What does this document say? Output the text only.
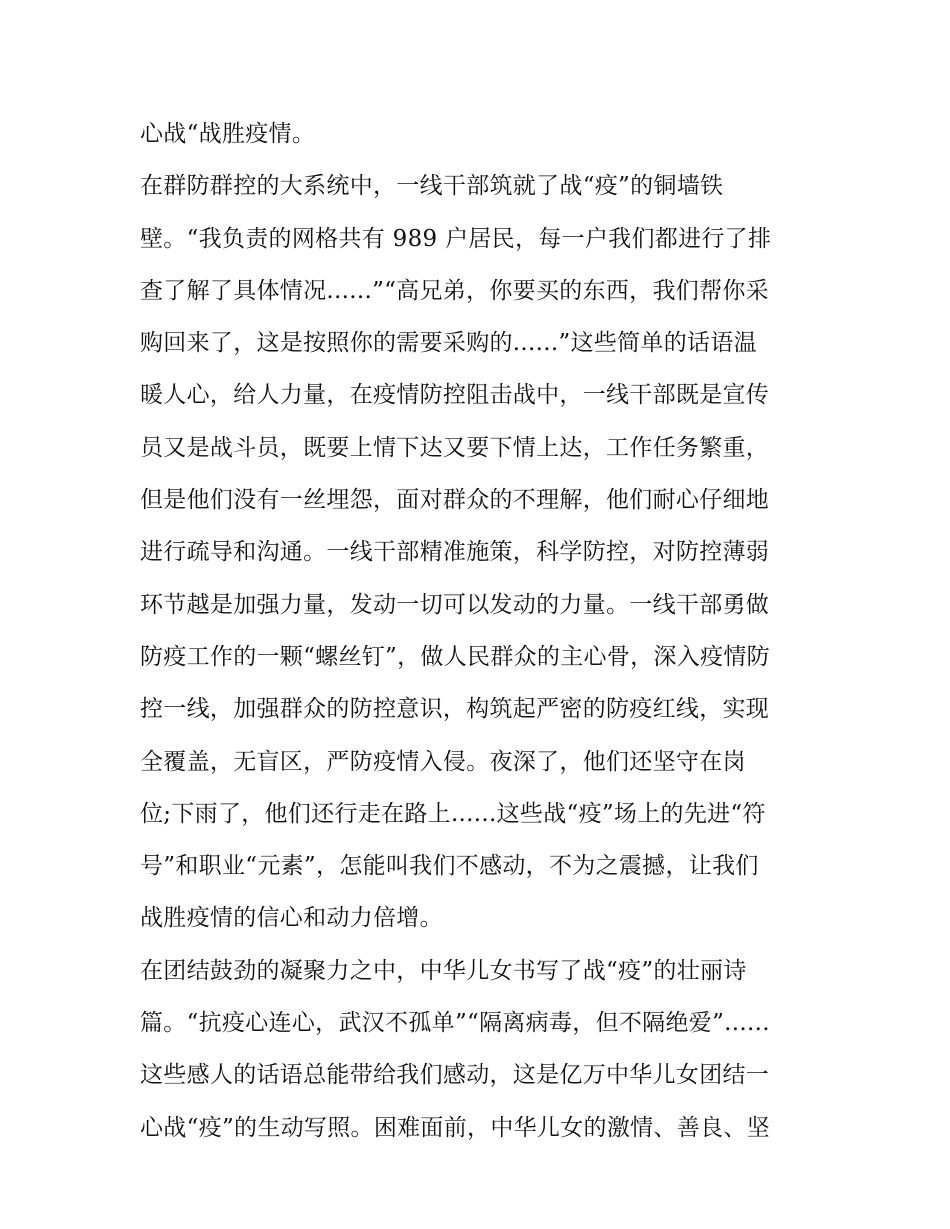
心战“战胜疫情。
在群防群控的大系统中，一线干部筑就了战“疫”的铜墙铁
壁。“我负责的网格共有 989 户居民，每一户我们都进行了排
查了解了具体情况......”“高兄弟，你要买的东西，我们帮你采
购回来了，这是按照你的需要采购的......”这些简单的话语温
暖人心，给人力量，在疫情防控阻击战中，一线干部既是宣传
员又是战斗员，既要上情下达又要下情上达，工作任务繁重，
但是他们没有一丝埋怨，面对群众的不理解，他们耐心仔细地
进行疏导和沟通。一线干部精准施策，科学防控，对防控薄弱
环节越是加强力量，发动一切可以发动的力量。一线干部勇做
防疫工作的一颗“螺丝钉”，做人民群众的主心骨，深入疫情防
控一线，加强群众的防控意识，构筑起严密的防疫红线，实现
全覆盖，无盲区，严防疫情入侵。夜深了，他们还坚守在岗
位;下雨了，他们还行走在路上......这些战“疫”场上的先进“符
号”和职业“元素”，怎能叫我们不感动，不为之震撼，让我们
战胜疫情的信心和动力倍增。
在团结鼓劲的凝聚力之中，中华儿女书写了战“疫”的壮丽诗
篇。“抗疫心连心，武汉不孤单”“隔离病毒，但不隔绝爱”......
这些感人的话语总能带给我们感动，这是亿万中华儿女团结一
心战“疫”的生动写照。困难面前，中华儿女的激情、善良、坚
